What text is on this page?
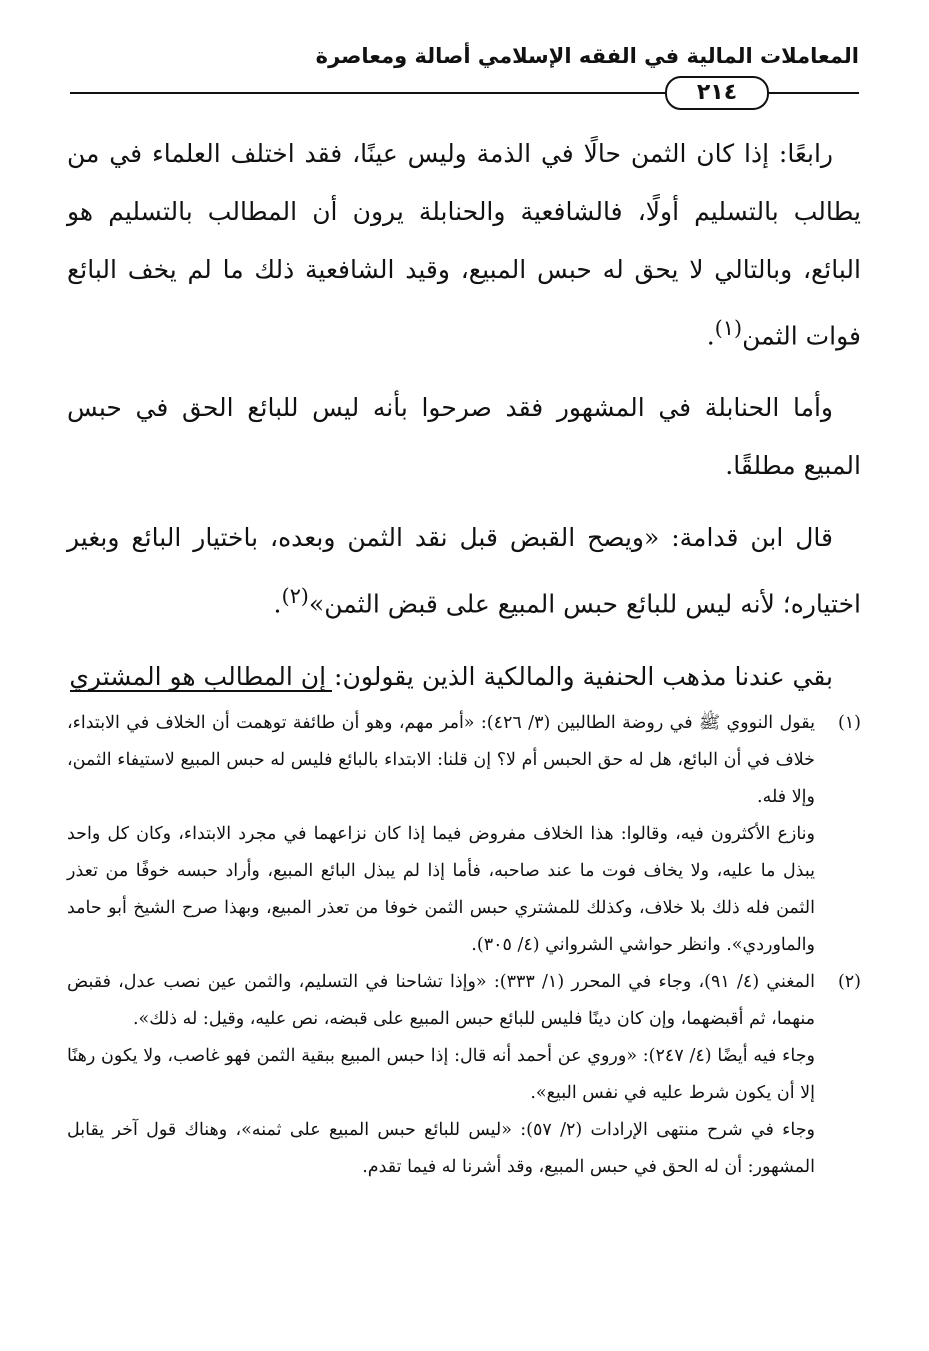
المعاملات المالية في الفقه الإسلامي أصالة ومعاصرة
٢١٤

رابعًا: إذا كان الثمن حالًا في الذمة وليس عينًا، فقد اختلف العلماء في من يطالب بالتسليم أولًا، فالشافعية والحنابلة يرون أن المطالب بالتسليم هو البائع، وبالتالي لا يحق له حبس المبيع، وقيد الشافعية ذلك ما لم يخف البائع فوات الثمن$^{(١)}$.

وأما الحنابلة في المشهور فقد صرحوا بأنه ليس للبائع الحق في حبس المبيع مطلقًا.

قال ابن قدامة: «ويصح القبض قبل نقد الثمن وبعده، باختيار البائع وبغير اختياره؛ لأنه ليس للبائع حبس المبيع على قبض الثمن»$^{(٢)}$.

بقي عندنا مذهب الحنفية والمالكية الذين يقولون: إن المطالب هو المشتري

(١)

يقول النووي ﷺ في روضة الطالبين (٣/ ٤٢٦): «أمر مهم، وهو أن طائفة توهمت أن الخلاف في الابتداء، خلاف في أن البائع، هل له حق الحبس أم لا؟ إن قلنا: الابتداء بالبائع فليس له حبس المبيع لاستيفاء الثمن، وإلا فله.

ونازع الأكثرون فيه، وقالوا: هذا الخلاف مفروض فيما إذا كان نزاعهما في مجرد الابتداء، وكان كل واحد يبذل ما عليه، ولا يخاف فوت ما عند صاحبه، فأما إذا لم يبذل البائع المبيع، وأراد حبسه خوفًا من تعذر الثمن فله ذلك بلا خلاف، وكذلك للمشتري حبس الثمن خوفا من تعذر المبيع، وبهذا صرح الشيخ أبو حامد والماوردي». وانظر حواشي الشرواني (٤/ ٣٠٥).

(٢)

المغني (٤/ ٩١)، وجاء في المحرر (١/ ٣٣٣): «وإذا تشاحنا في التسليم، والثمن عين نصب عدل، فقبض منهما، ثم أقبضهما، وإن كان دينًا فليس للبائع حبس المبيع على قبضه، نص عليه، وقيل: له ذلك».

وجاء فيه أيضًا (٤/ ٢٤٧): «وروي عن أحمد أنه قال: إذا حبس المبيع ببقية الثمن فهو غاصب، ولا يكون رهنًا إلا أن يكون شرط عليه في نفس البيع».

وجاء في شرح منتهى الإرادات (٢/ ٥٧): «ليس للبائع حبس المبيع على ثمنه»، وهناك قول آخر يقابل المشهور: أن له الحق في حبس المبيع، وقد أشرنا له فيما تقدم.
